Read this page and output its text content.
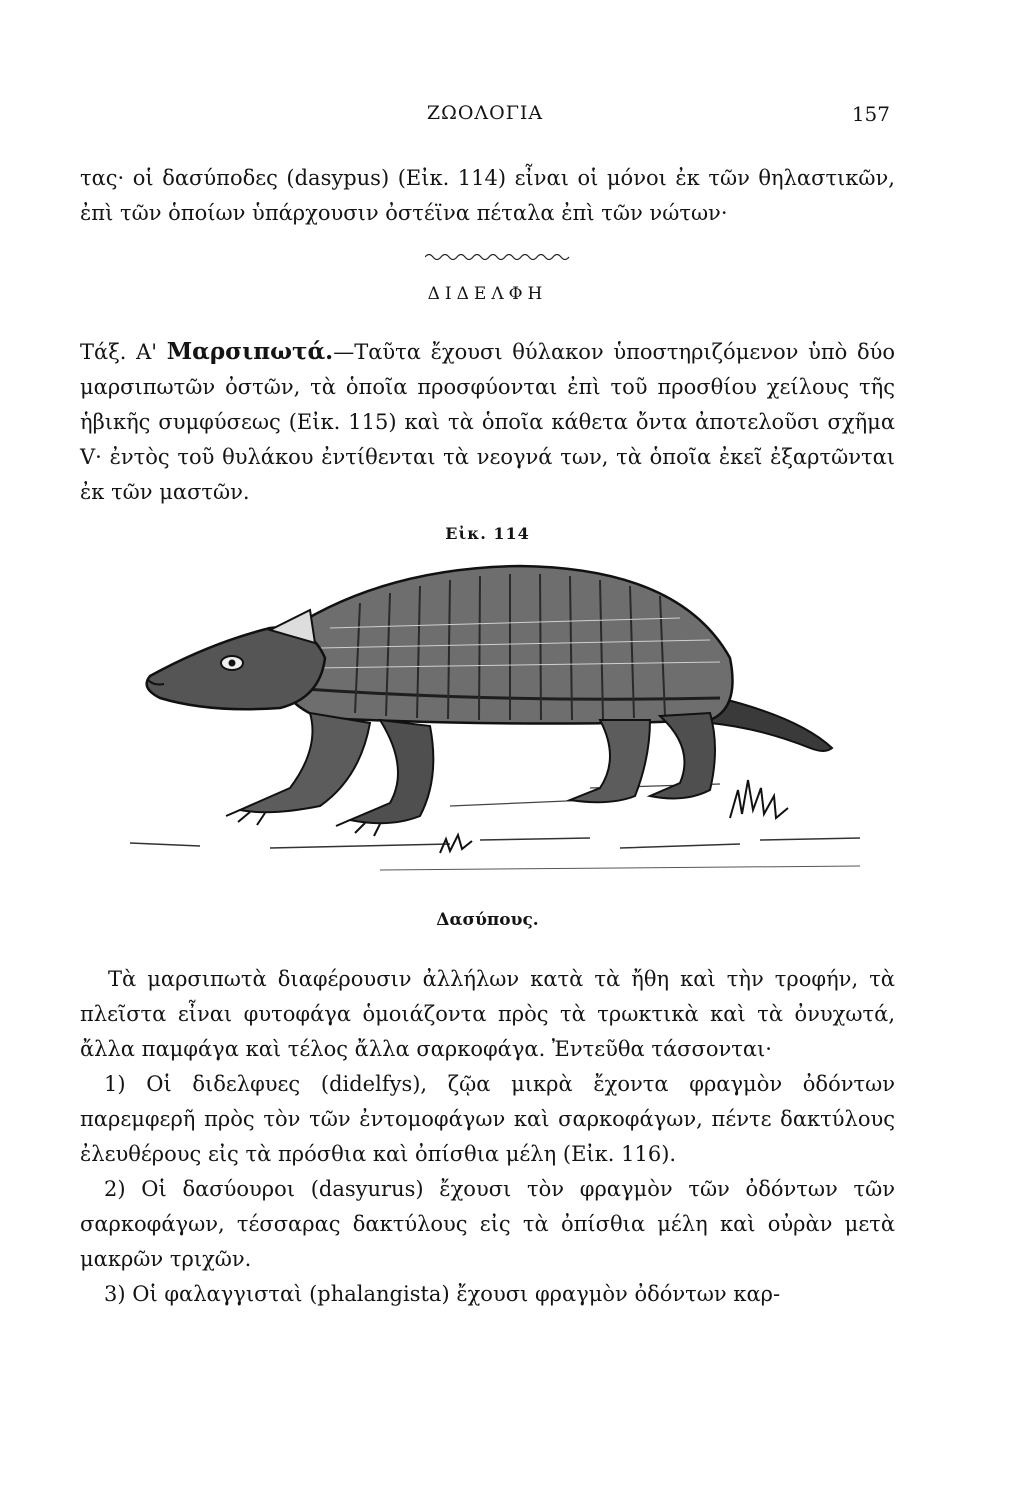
ΖΩΟΛΟΓΙΑ	157

τας· οἱ δασύποδες (dasypus) (Εἰκ. 114) εἶναι οἱ μόνοι ἐκ τῶν θηλαστικῶν, ἐπὶ τῶν ὁποίων ὑπάρχουσιν ὀστέϊνα πέταλα ἐπὶ τῶν νώτων·

ΔΙΔΕΛΦΗ

Τάξ. Α' Μαρσιπωτά.—Ταῦτα ἔχουσι θύλακον ὑποστηριζόμενον ὑπὸ δύο μαρσιπωτῶν ὀστῶν, τὰ ὁποῖα προσφύονται ἐπὶ τοῦ προσθίου χείλους τῆς ἡβικῆς συμφύσεως (Εἰκ. 115) καὶ τὰ ὁποῖα κάθετα ὄντα ἀποτελοῦσι σχῆμα V· ἐντὸς τοῦ θυλάκου ἐντίθενται τὰ νεογνά των, τὰ ὁποῖα ἐκεῖ ἐξαρτῶνται ἐκ τῶν μαστῶν.

Εἰκ. 114
Δασύπους.

Τὰ μαρσιπωτὰ διαφέρουσιν ἀλλήλων κατὰ τὰ ἤθη καὶ τὴν τροφήν, τὰ πλεῖστα εἶναι φυτοφάγα ὁμοιάζοντα πρὸς τὰ τρωκτικὰ καὶ τὰ ὀνυχωτά, ἄλλα παμφάγα καὶ τέλος ἄλλα σαρκοφάγα. Ἐντεῦθα τάσσονται·

1) Οἱ διδελφυες (didelfys), ζῷα μικρὰ ἔχοντα φραγμὸν ὀδόντων παρεμφερῆ πρὸς τὸν τῶν ἐντομοφάγων καὶ σαρκοφάγων, πέντε δακτύλους ἐλευθέρους εἰς τὰ πρόσθια καὶ ὀπίσθια μέλη (Εἰκ. 116).

2) Οἱ δασύουροι (dasyurus) ἔχουσι τὸν φραγμὸν τῶν ὀδόντων τῶν σαρκοφάγων, τέσσαρας δακτύλους εἰς τὰ ὀπίσθια μέλη καὶ οὐρὰν μετὰ μακρῶν τριχῶν.

3) Οἱ φαλαγγισταὶ (phalangista) ἔχουσι φραγμὸν ὀδόντων καρ-
